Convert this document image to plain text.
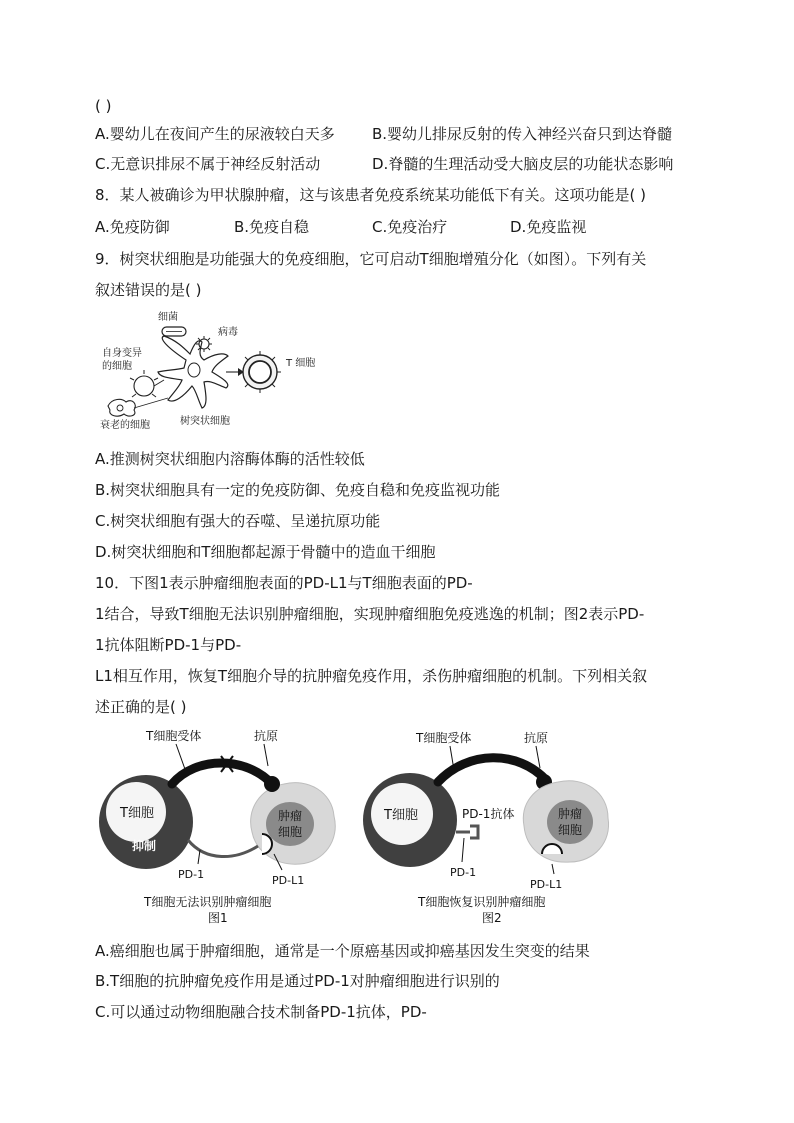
( )
A.婴幼儿在夜间产生的尿液较白天多 B.婴幼儿排尿反射的传入神经兴奋只到达脊髓
C.无意识排尿不属于神经反射活动	D.脊髓的生理活动受大脑皮层的功能状态影响
8．某人被确诊为甲状腺肿瘤，这与该患者免疫系统某功能低下有关。这项功能是( )
A.免疫防御	B.免疫自稳	C.免疫治疗	D.免疫监视
9．树突状细胞是功能强大的免疫细胞，它可启动T细胞增殖分化（如图）。下列有关
叙述错误的是( )
细菌
病毒
树突状细胞
自身变异
的细胞
衰老的细胞
T 细胞
A.推测树突状细胞内溶酶体酶的活性较低
B.树突状细胞具有一定的免疫防御、免疫自稳和免疫监视功能
C.树突状细胞有强大的吞噬、呈递抗原功能
D.树突状细胞和T细胞都起源于骨髓中的造血干细胞
10．下图1表示肿瘤细胞表面的PD-L1与T细胞表面的PD-
1结合，导致T细胞无法识别肿瘤细胞，实现肿瘤细胞免疫逃逸的机制；图2表示PD-
1抗体阻断PD-1与PD-
L1相互作用，恢复T细胞介导的抗肿瘤免疫作用，杀伤肿瘤细胞的机制。下列相关叙
述正确的是( )
T细胞受体	抗原
T细胞
抑制
肿瘤
细胞
PD-1	PD-L1
T细胞无法识别肿瘤细胞
图1
T细胞受体	抗原
T细胞	肿瘤
细胞
PD-L1
PD-1抗体
PD-1
T细胞恢复识别肿瘤细胞
图2
A.癌细胞也属于肿瘤细胞，通常是一个原癌基因或抑癌基因发生突变的结果
B.T细胞的抗肿瘤免疫作用是通过PD-1对肿瘤细胞进行识别的
C.可以通过动物细胞融合技术制备PD-1抗体，PD-
